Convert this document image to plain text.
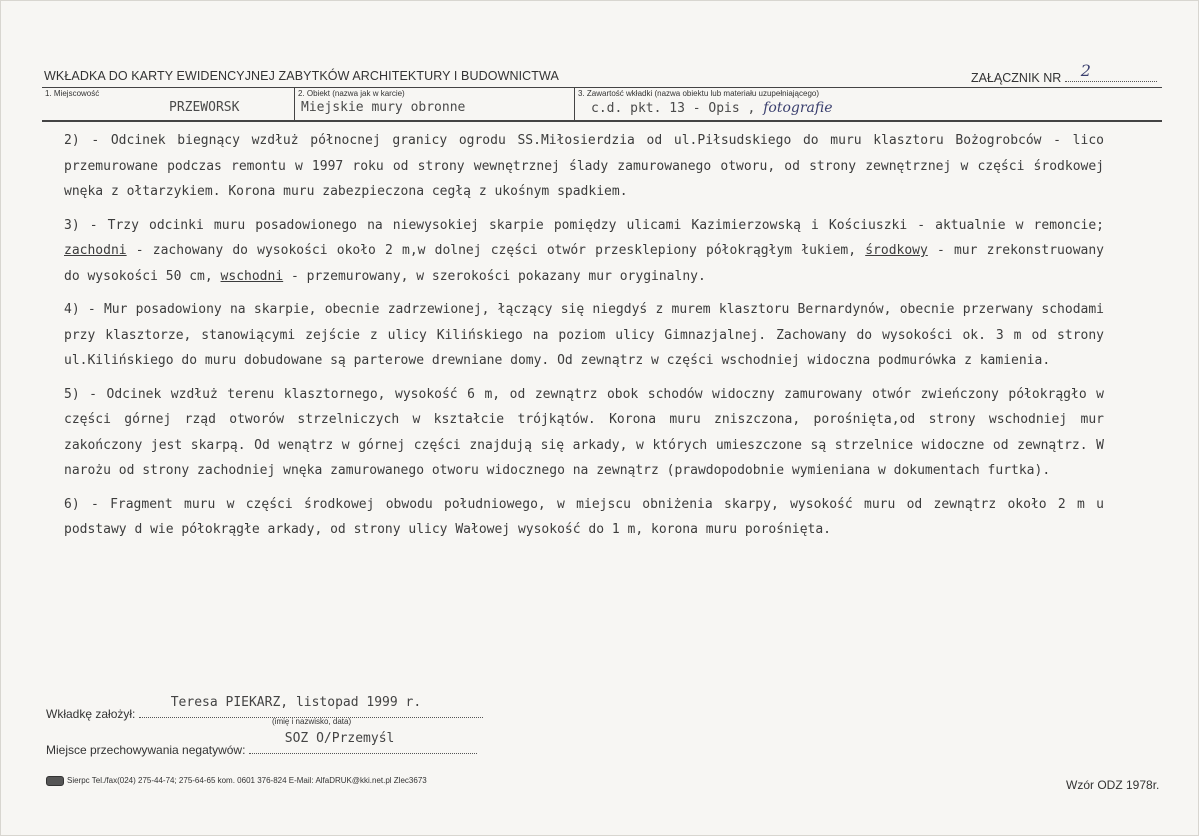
WKŁADKA DO KARTY EWIDENCYJNEJ ZABYTKÓW ARCHITEKTURY I BUDOWNICTWA	ZAŁĄCZNIK NR 2
1. Miejscowość
PRZEWORSK
2. Obiekt (nazwa jak w karcie)
Miejskie mury obronne
3. Zawartość wkładki (nazwa obiektu lub materiału uzupełniającego)
c.d. pkt. 13 - Opis , fotografie

2) - Odcinek biegnący wzdłuż północnej granicy ogrodu SS.Miłosierdzia od ul.Piłsudskiego do muru klasztoru Bożogrobców - lico przemurowane podczas remontu w 1997 roku od strony wewnętrznej ślady zamurowanego otworu, od strony zewnętrznej w części środkowej wnęka z ołtarzykiem. Korona muru zabezpieczona cegłą z ukośnym spadkiem.

3) - Trzy odcinki muru posadowionego na niewysokiej skarpie pomiędzy ulicami Kazimierzowską i Kościuszki - aktualnie w remoncie; zachodni - zachowany do wysokości około 2 m,w dolnej części otwór przesklepiony półokrągłym łukiem, środkowy - mur zrekonstruowany do wysokości 50 cm, wschodni - przemurowany, w szerokości pokazany mur oryginalny.

4) - Mur posadowiony na skarpie, obecnie zadrzewionej, łączący się niegdyś z murem klasztoru Bernardynów, obecnie przerwany schodami przy klasztorze, stanowiącymi zejście z ulicy Kilińskiego na poziom ulicy Gimnazjalnej. Zachowany do wysokości ok. 3 m od strony ul.Kilińskiego do muru dobudowane są parterowe drewniane domy. Od zewnątrz w części wschodniej widoczna podmurówka z kamienia.

5) - Odcinek wzdłuż terenu klasztornego, wysokość 6 m, od zewnątrz obok schodów widoczny zamurowany otwór zwieńczony półokrągło w części górnej rząd otworów strzelniczych w kształcie trójkątów. Korona muru zniszczona, porośnięta,od strony wschodniej mur zakończony jest skarpą. Od wenątrz w górnej części znajdują się arkady, w których umieszczone są strzelnice widoczne od zewnątrz. W narożu od strony zachodniej wnęka zamurowanego otworu widocznego na zewnątrz (prawdopodobnie wymieniana w dokumentach furtka).

6) - Fragment muru w części środkowej obwodu południowego, w miejscu obniżenia skarpy, wysokość muru od zewnątrz około 2 m u podstawy d wie półokrągłe arkady, od strony ulicy Wałowej wysokość do 1 m, korona muru porośnięta.

Wkładkę założył:
Teresa PIEKARZ, listopad 1999 r.
(imię i nazwisko, data)
Miejsce przechowywania negatywów:
SOZ O/Przemyśl
Sierpc Tel./fax(024) 275-44-74; 275-64-65 kom. 0601 376-824 E-Mail: AlfaDRUK@kki.net.pl Zlec3673	Wzór ODZ 1978r.
